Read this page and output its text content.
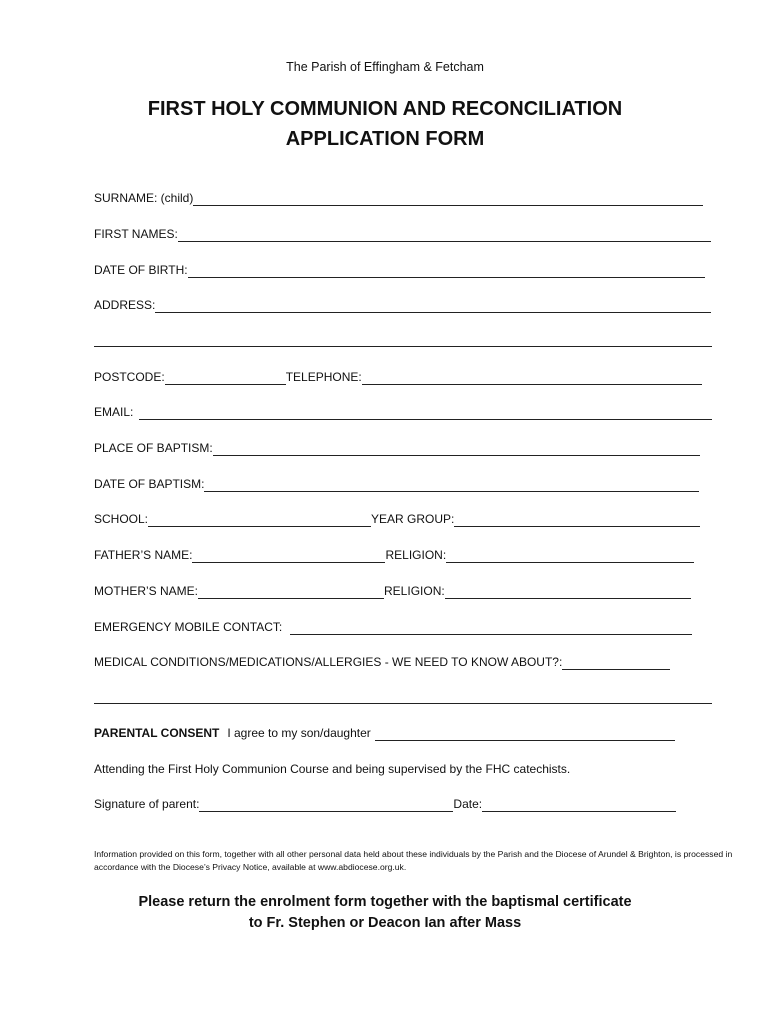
The Parish of Effingham & Fetcham
FIRST HOLY COMMUNION AND RECONCILIATION
APPLICATION FORM
SURNAME: (child)
FIRST NAMES:
DATE OF BIRTH:
ADDRESS:
POSTCODE:	TELEPHONE:
EMAIL:
PLACE OF BAPTISM:
DATE OF BAPTISM:
SCHOOL:	YEAR GROUP:
FATHER’S NAME:	RELIGION:
MOTHER’S NAME:	RELIGION:
EMERGENCY MOBILE CONTACT:
MEDICAL CONDITIONS/MEDICATIONS/ALLERGIES - WE NEED TO KNOW ABOUT?:
PARENTAL CONSENT I agree to my son/daughter
Attending the First Holy Communion Course and being supervised by the FHC catechists.
Signature of parent:	Date:
Information provided on this form, together with all other personal data held about these individuals by the Parish and the Diocese of Arundel & Brighton, is processed in accordance with the Diocese’s Privacy Notice, available at www.abdiocese.org.uk.
Please return the enrolment form together with the baptismal certificate
to Fr. Stephen or Deacon Ian after Mass
